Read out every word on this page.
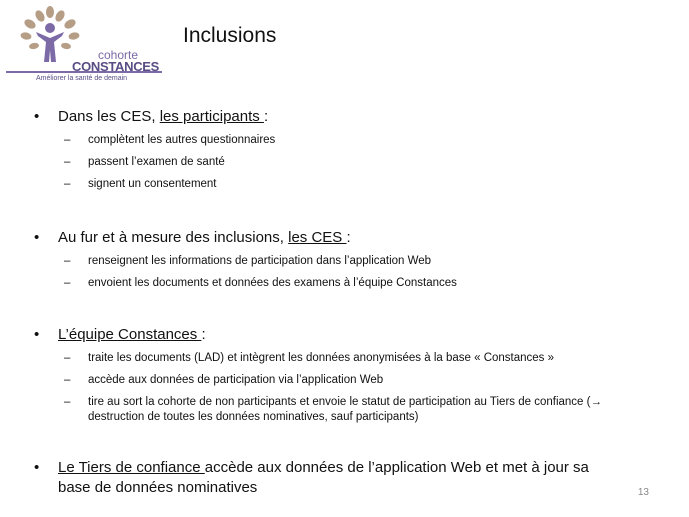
cohorte
CONSTANCES
Améliorer la santé de demain
Inclusions
•	Dans les CES, les participants :
–	complètent les autres questionnaires
–	passent l’examen de santé
–	signent un consentement
•	Au fur et à mesure des inclusions, les CES :
–	renseignent les informations de participation dans l’application Web
–	envoient les documents et données des examens à l’équipe Constances
•	L’équipe Constances :
–	traite les documents (LAD) et intègrent les données anonymisées à la base « Constances »
–	accède aux données de participation via l’application Web
–	tire au sort la cohorte de non participants et envoie le statut de participation au Tiers de confiance (→ destruction de toutes les données nominatives, sauf participants)
•	Le Tiers de confiance accède aux données de l’application Web et met à jour sa base de données nominatives	13
